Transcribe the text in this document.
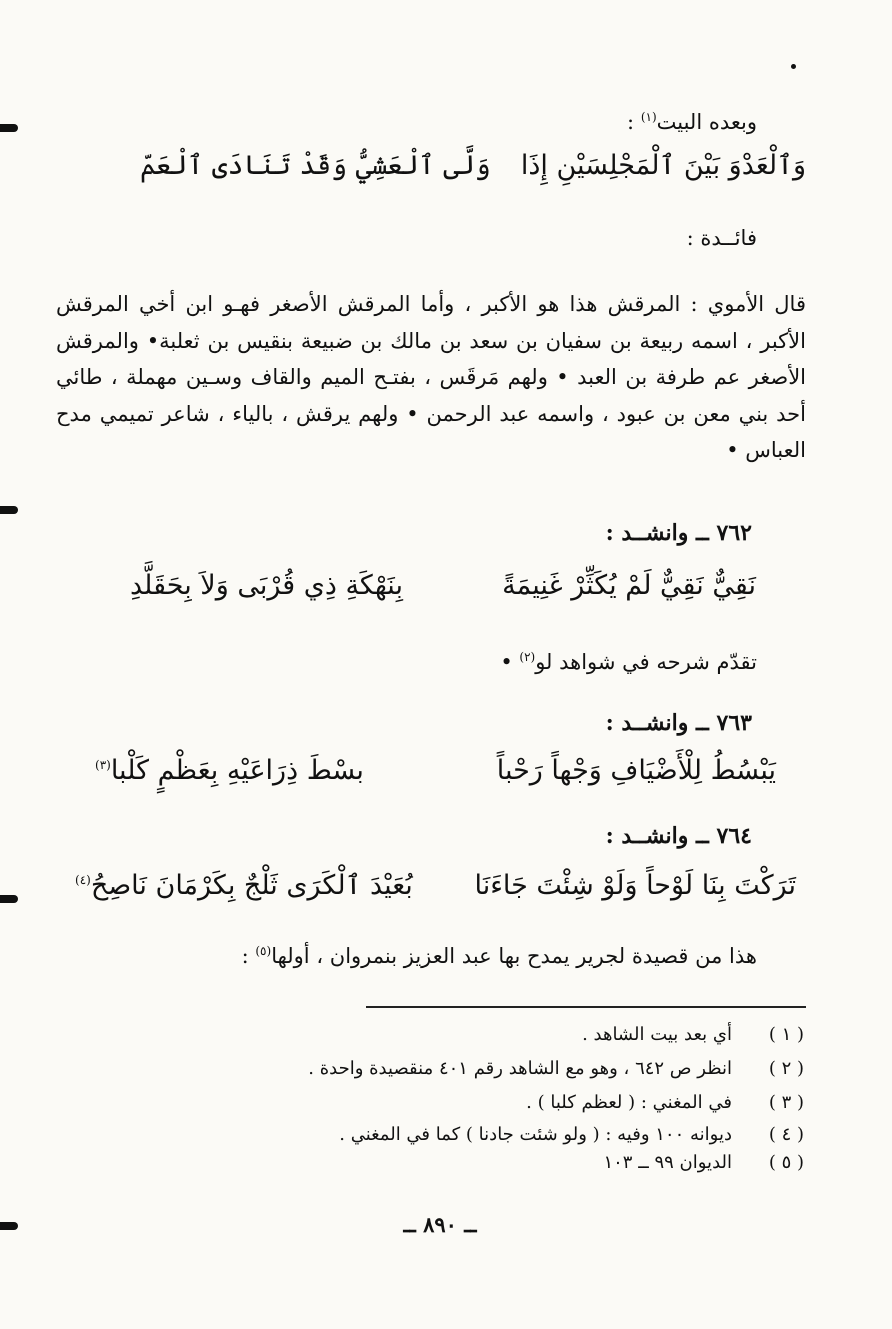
وبعده البيت$^{(١)}$ :
وَٱلْعَدْوَ بَيْنَ ٱلْمَجْلِسَيْنِ إِذَا
وَلَّى ٱلْعَشِيُّ وَقَدْ تَنَادَى ٱلْعَمّ
فائــدة :

قال الأموي : المرقش هذا هو الأكبر ، وأما المرقش الأصغر فهـو ابن أخي المرقش الأكبر ، اسمه ربيعة بن سفيان بن سعد بن مالك بن ضبيعة بنقيس بن ثعلبة• والمرقش الأصغر عم طرفة بن العبد • ولهم مَرقَس ، بفتـح الميم والقاف وسـين مهملة ، طائي أحد بني معن بن عبود ، واسمه عبد الرحمن • ولهم يرقش ، بالياء ، شاعر تميمي مدح العباس •

٧٦٢ ــ وانشــد :
نَقِيٌّ نَقِيٌّ لَمْ يُكَثِّرْ غَنِيمَةً
بِنَهْكَةِ ذِي قُرْبَى وَلاَ بِحَقَلَّدِ
تقدّم شرحه في شواهد لو$^{(٢)}$ •
٧٦٣ ــ وانشــد :
يَبْسُطُ لِلْأَضْيَافِ وَجْهاً رَحْباً
بسْطَ ذِرَاعَيْهِ بِعَظْمٍ كَلْبا$^{(٣)}$
٧٦٤ ــ وانشــد :
تَرَكْتَ بِنَا لَوْحاً وَلَوْ شِئْتَ جَاءَنَا
بُعَيْدَ ٱلْكَرَى ثَلْجٌ بِكَرْمَانَ نَاصِحُ$^{(٤)}$
هذا من قصيدة لجرير يمدح بها عبد العزيز بنمروان ، أولها$^{(٥)}$ :
( ١ )
أي بعد بيت الشاهد .
( ٢ )
انظر ص ٦٤٢ ، وهو مع الشاهد رقم ٤٠١ منقصيدة واحدة .
( ٣ )
في المغني : ( لعظم كلبا ) .
( ٤ )
ديوانه ١٠٠ وفيه : ( ولو شئت جادنا ) كما في المغني .
( ٥ )
الديوان ٩٩ ــ ١٠٣
ــ ٨٩٠ ــ
